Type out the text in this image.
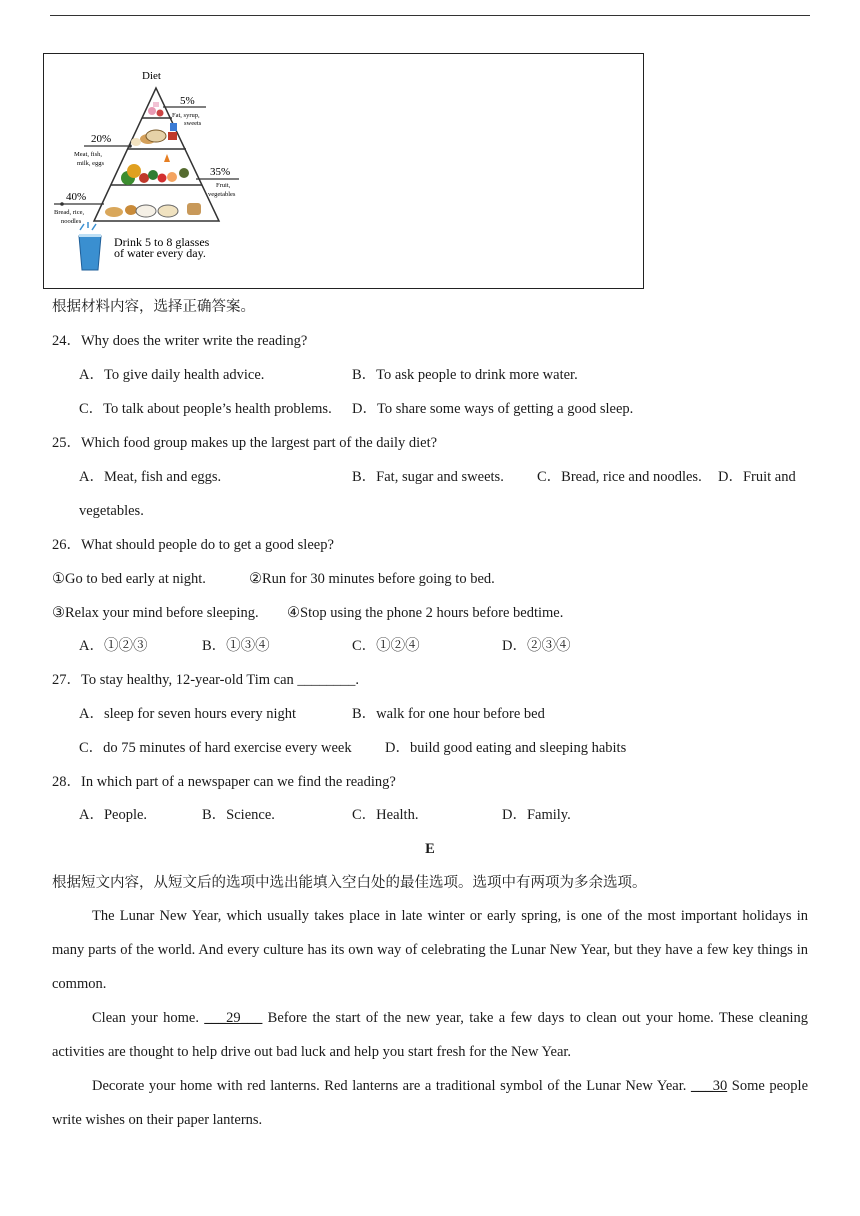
Diet
5%
Fat, syrup,
sweets
20%
Meat, fish,
milk, eggs
35%
Fruit,
vegetables
40%
Bread, rice,
noodles
Drink 5 to 8 glasses
of water every day.
根据材料内容，选择正确答案。
24．Why does the writer write the reading?
A．To give daily health advice.	B．To ask people to drink more water.
C．To talk about people’s health problems. D．To share some ways of getting a good sleep.
25．Which food group makes up the largest part of the daily diet?
A．Meat, fish and eggs.	B．Fat, sugar and sweets. C．Bread, rice and noodles. D．Fruit and
vegetables.
26．What should people do to get a good sleep?
①Go to bed early at night.	②Run for 30 minutes before going to bed.
③Relax your mind before sleeping. ④Stop using the phone 2 hours before bedtime.
A．①②③	B．①③④	C．①②④	D．②③④
27．To stay healthy, 12-year-old Tim can ________.
A．sleep for seven hours every night	B．walk for one hour before bed
C．do 75 minutes of hard exercise every week D．build good eating and sleeping habits
28．In which part of a newspaper can we find the reading?
A．People.	B．Science.	C．Health.	D．Family.
E
根据短文内容，从短文后的选项中选出能填入空白处的最佳选项。选项中有两项为多余选项。
The Lunar New Year, which usually takes place in late winter or early spring, is one of the most important holidays in many parts of the world. And every culture has its own way of celebrating the Lunar New Year, but they have a few key things in common.
Clean your home. ___29___ Before the start of the new year, take a few days to clean out your home. These cleaning activities are thought to help drive out bad luck and help you start fresh for the New Year.
Decorate your home with red lanterns. Red lanterns are a traditional symbol of the Lunar New Year. ___30 Some people write wishes on their paper lanterns.
